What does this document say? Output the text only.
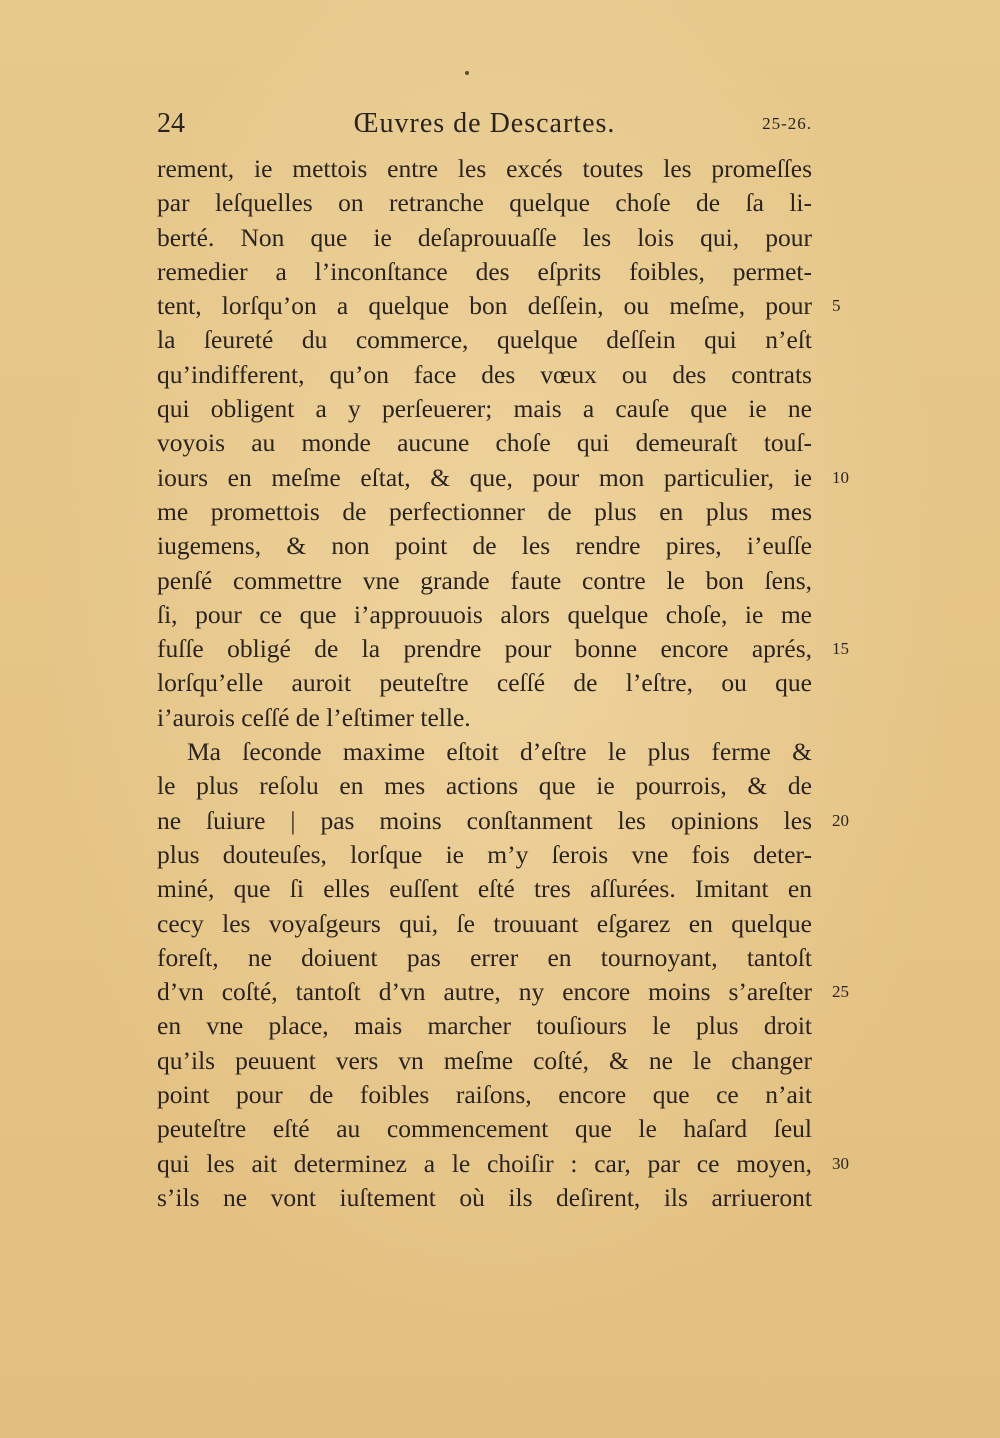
24	Œuvres de Descartes.	25-26.
rement, ie mettois entre les excés toutes les promeſſes
par leſquelles on retranche quelque choſe de ſa li-
berté. Non que ie deſaprouuaſſe les lois qui, pour
remedier a l’inconſtance des eſprits foibles, permet-
tent, lorſqu’on a quelque bon deſſein, ou meſme, pour
la ſeureté du commerce, quelque deſſein qui n’eſt
qu’indifferent, qu’on face des vœux ou des contrats
qui obligent a y perſeuerer; mais a cauſe que ie ne
voyois au monde aucune choſe qui demeuraſt touſ-
iours en meſme eſtat, & que, pour mon particulier, ie
me promettois de perfectionner de plus en plus mes
iugemens, & non point de les rendre pires, i’euſſe
penſé commettre vne grande faute contre le bon ſens,
ſi, pour ce que i’approuuois alors quelque choſe, ie me
fuſſe obligé de la prendre pour bonne encore aprés,
lorſqu’elle auroit peuteſtre ceſſé de l’eſtre, ou que
i’aurois ceſſé de l’eſtimer telle.
Ma ſeconde maxime eſtoit d’eſtre le plus ferme &
le plus reſolu en mes actions que ie pourrois, & de
ne ſuiure | pas moins conſtanment les opinions les
plus douteuſes, lorſque ie m’y ſerois vne fois deter-
miné, que ſi elles euſſent eſté tres aſſurées. Imitant en
cecy les voyaſgeurs qui, ſe trouuant eſgarez en quelque
foreſt, ne doiuent pas errer en tournoyant, tantoſt
d’vn coſté, tantoſt d’vn autre, ny encore moins s’areſter
en vne place, mais marcher touſiours le plus droit
qu’ils peuuent vers vn meſme coſté, & ne le changer
point pour de foibles raiſons, encore que ce n’ait
peuteſtre eſté au commencement que le haſard ſeul
qui les ait determinez a le choiſir : car, par ce moyen,
s’ils ne vont iuſtement où ils deſirent, ils arriueront
5
10
15
20
25
30
